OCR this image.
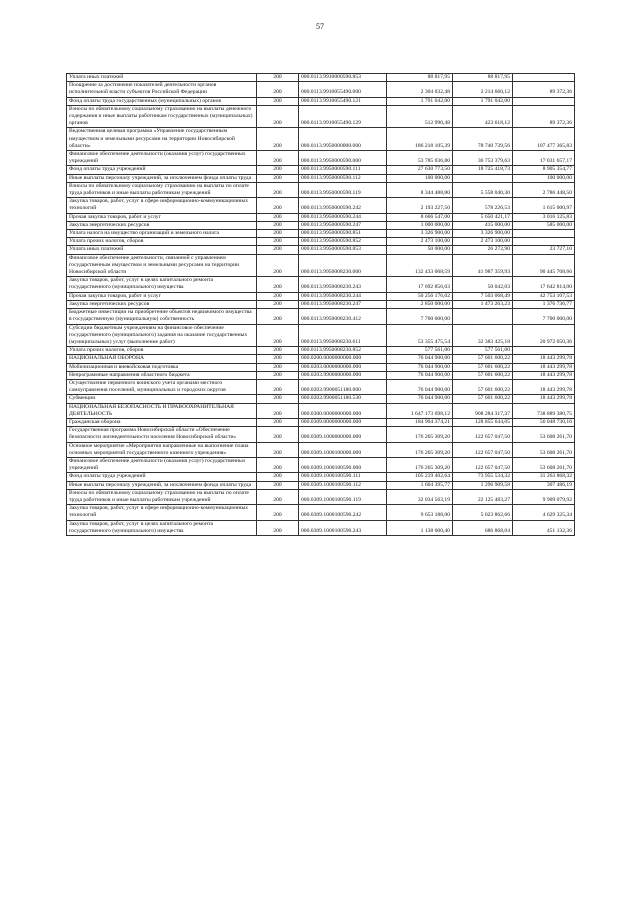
57
Уплата иных платежей	200	000.0113.9910000590.853	88 817,95	88 817,95	
Поощрение за достижение показателей деятельности органов исполнительной власти субъектов Российской Федерации	200	000.0113.9910055490.000	2 304 032,48	2 214 660,12	89 372,36
Фонд оплаты труда государственных (муниципальных) органов	200	000.0113.9910055490.121	1 791 042,00	1 791 042,00	
Взносы по обязательному социальному страхованию на выплаты денежного содержания и иные выплаты работникам государственных (муниципальных) органов	200	000.0113.9910055490.129	512 990,48	423 618,12	89 372,36
Ведомственная целевая программа «Управление государственным имуществом и земельными ресурсами на территории Новосибирской области»	200	000.0113.9950000000.000	186 218 105,39	78 740 739,56	107 477 365,83
Финансовое обеспечение деятельности (оказания услуг) государственных учреждений	200	000.0113.9950000590.000	53 785 036,80	36 753 379,63	17 031 657,17
Фонд оплаты труда учреждений	200	000.0113.9950000590.111	27 630 773,50	18 725 418,73	8 905 354,77
Иные выплаты персоналу учреждений, за исключением фонда оплаты труда	200	000.0113.9950000590.112	100 000,00		100 000,00
Взносы по обязательному социальному страхованию на выплаты по оплате труда работников и иные выплаты работникам учреждений	200	000.0113.9950000590.119	8 344 488,80	5 558 040,30	2 786 448,50
Закупка товаров, работ, услуг в сфере информационно-коммуникационных технологий	200	000.0113.9950000590.242	2 193 227,50	578 226,53	1 615 000,97
Прочая закупка товаров, работ и услуг	200	000.0113.9950000590.244	8 666 547,00	5 650 421,17	3 016 125,83
Закупка энергетических ресурсов	200	000.0113.9950000590.247	1 000 000,00	415 000,00	585 000,00
Уплата налога на имущество организаций и земельного налога	200	000.0113.9950000590.851	3 326 900,00	3 326 900,00	
Уплата прочих налогов, сборов	200	000.0113.9950000590.852	2 473 100,00	2 473 100,00	
Уплата иных платежей	200	000.0113.9950000590.853	50 000,00	26 272,90	23 727,10
Финансовое обеспечение деятельности, связанной с управлением государственным имуществом и земельными ресурсами на территории Новосибирской области	200	000.0113.9950008230.000	132 433 068,59	41 987 359,93	90 445 708,66
Закупка товаров, работ, услуг в целях капитального ремонта государственного (муниципального) имущества	200	000.0113.9950008230.243	17 692 856,03	50 042,03	17 642 814,00
Прочая закупка товаров, работ и услуг	200	000.0113.9950008230.244	50 256 176,02	7 503 068,49	42 753 107,53
Закупка энергетических ресурсов	200	000.0113.9950008230.247	2 850 000,00	1 473 263,23	1 376 736,77
Бюджетные инвестиции на приобретение объектов недвижимого имущества в государственную (муниципальную) собственность	200	000.0113.9950008230.412	7 700 000,00		7 700 000,00
Субсидии бюджетным учреждениям на финансовое обеспечение государственного (муниципального) задания на оказание государственных (муниципальных) услуг (выполнение работ)	200	000.0113.9950008230.611	53 355 475,54	32 383 425,18	20 972 050,36
Уплата прочих налогов, сборов	200	000.0113.9950008230.852	577 561,00	577 561,00	
НАЦИОНАЛЬНАЯ ОБОРОНА	200	000.0200.0000000000.000	76 044 900,00	57 601 600,22	18 443 299,78
Мобилизационная и вневойсковая подготовка	200	000.0203.0000000000.000	76 044 900,00	57 601 600,22	18 443 299,78
Непрограммные направления областного бюджета	200	000.0203.9900000000.000	76 044 900,00	57 601 600,22	18 443 299,78
Осуществление первичного воинского учета органами местного самоуправления поселений, муниципальных и городских округов	200	000.0203.9900051180.000	76 044 900,00	57 601 600,22	18 443 299,78
Субвенции	200	000.0203.9900051180.530	76 044 900,00	57 601 600,22	18 443 299,78
НАЦИОНАЛЬНАЯ БЕЗОПАСНОСТЬ И ПРАВООХРАНИТЕЛЬНАЯ ДЕЯТЕЛЬНОСТЬ	200	000.0300.0000000000.000	1 647 173 698,12	908 284 317,37	738 889 380,75
Гражданская оборона	200	000.0309.0000000000.000	184 904 374,21	128 855 644,05	56 048 730,16
Государственная программа Новосибирской области «Обеспечение безопасности жизнедеятельности населения Новосибирской области»	200	000.0309.1000000000.000	176 265 309,20	122 657 047,50	53 608 261,70
Основное мероприятие «Мероприятия направленные на выполнение плана основных мероприятий государственного казенного учреждения»	200	000.0309.1000100000.000	176 265 309,20	122 657 047,50	53 608 261,70
Финансовое обеспечение деятельности (оказания услуг) государственных учреждений	200	000.0309.1000100590.000	176 265 309,20	122 657 047,50	53 608 261,70
Фонд оплаты труда учреждений	200	000.0309.1000100590.111	105 219 402,64	73 955 534,32	31 263 868,32
Иные выплаты персоналу учреждений, за исключением фонда оплаты труда	200	000.0309.1000100590.112	1 604 395,77	1 296 909,58	307 486,19
Взносы по обязательному социальному страхованию на выплаты по оплате труда работников и иные выплаты работникам учреждений	200	000.0309.1000100590.119	32 034 563,19	22 125 483,27	9 909 079,92
Закупка товаров, работ, услуг в сфере информационно-коммуникационных технологий	200	000.0309.1000100590.242	9 653 188,00	5 023 862,66	4 629 325,34
Закупка товаров, работ, услуг в целях капитального ремонта государственного (муниципального) имущества	200	000.0309.1000100590.243	1 138 000,40	686 868,04	451 132,36
